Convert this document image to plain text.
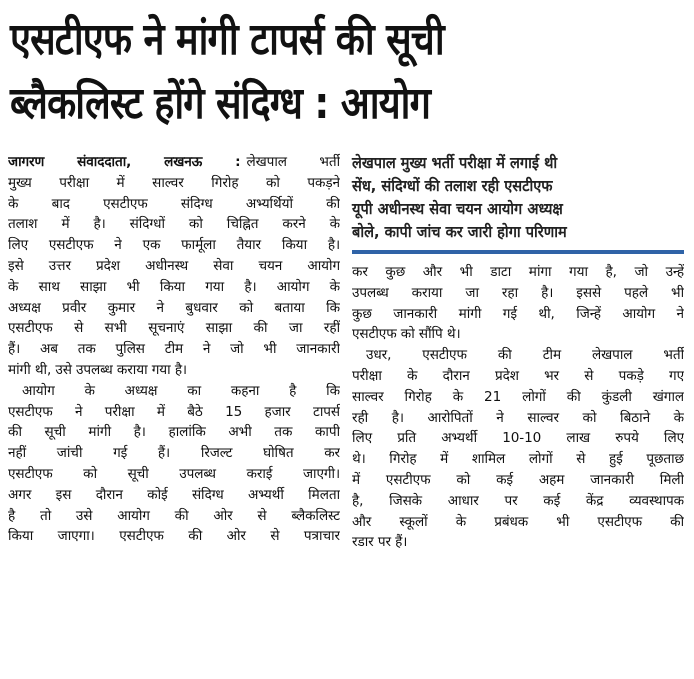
एसटीएफ ने मांगी टापर्स की सूची
ब्लैकलिस्ट होंगे संदिग्ध : आयोग
जागरण संवाददाता, लखनऊ : लेखपाल भर्ती
मुख्य परीक्षा में साल्वर गिरोह को पकड़ने
के बाद एसटीएफ संदिग्ध अभ्यर्थियों की
तलाश में है। संदिग्धों को चिह्नित करने के
लिए एसटीएफ ने एक फार्मूला तैयार किया है।
इसे उत्तर प्रदेश अधीनस्थ सेवा चयन आयोग
के साथ साझा भी किया गया है। आयोग के
अध्यक्ष प्रवीर कुमार ने बुधवार को बताया कि
एसटीएफ से सभी सूचनाएं साझा की जा रहीं
हैं। अब तक पुलिस टीम ने जो भी जानकारी
मांगी थी, उसे उपलब्ध कराया गया है।
आयोग के अध्यक्ष का कहना है कि
एसटीएफ ने परीक्षा में बैठे 15 हजार टापर्स
की सूची मांगी है। हालांकि अभी तक कापी
नहीं जांची गई हैं। रिजल्ट घोषित कर
एसटीएफ को सूची उपलब्ध कराई जाएगी।
अगर इस दौरान कोई संदिग्ध अभ्यर्थी मिलता
है तो उसे आयोग की ओर से ब्लैकलिस्ट
किया जाएगा। एसटीएफ की ओर से पत्राचार
लेखपाल मुख्य भर्ती परीक्षा में लगाई थी
सेंध, संदिग्धों की तलाश रही एसटीएफ
यूपी अधीनस्थ सेवा चयन आयोग अध्यक्ष
बोले, कापी जांच कर जारी होगा परिणाम
कर कुछ और भी डाटा मांगा गया है, जो उन्हें
उपलब्ध कराया जा रहा है। इससे पहले भी
कुछ जानकारी मांगी गई थी, जिन्हें आयोग ने
एसटीएफ को सौंपि थे।
उधर, एसटीएफ की टीम लेखपाल भर्ती
परीक्षा के दौरान प्रदेश भर से पकड़े गए
साल्वर गिरोह के 21 लोगों की कुंडली खंगाल
रही है। आरोपितों ने साल्वर को बिठाने के
लिए प्रति अभ्यर्थी 10-10 लाख रुपये लिए
थे। गिरोह में शामिल लोगों से हुई पूछताछ
में एसटीएफ को कई अहम जानकारी मिली
है, जिसके आधार पर कई केंद्र व्यवस्थापक
और स्कूलों के प्रबंधक भी एसटीएफ की
रडार पर हैं।
